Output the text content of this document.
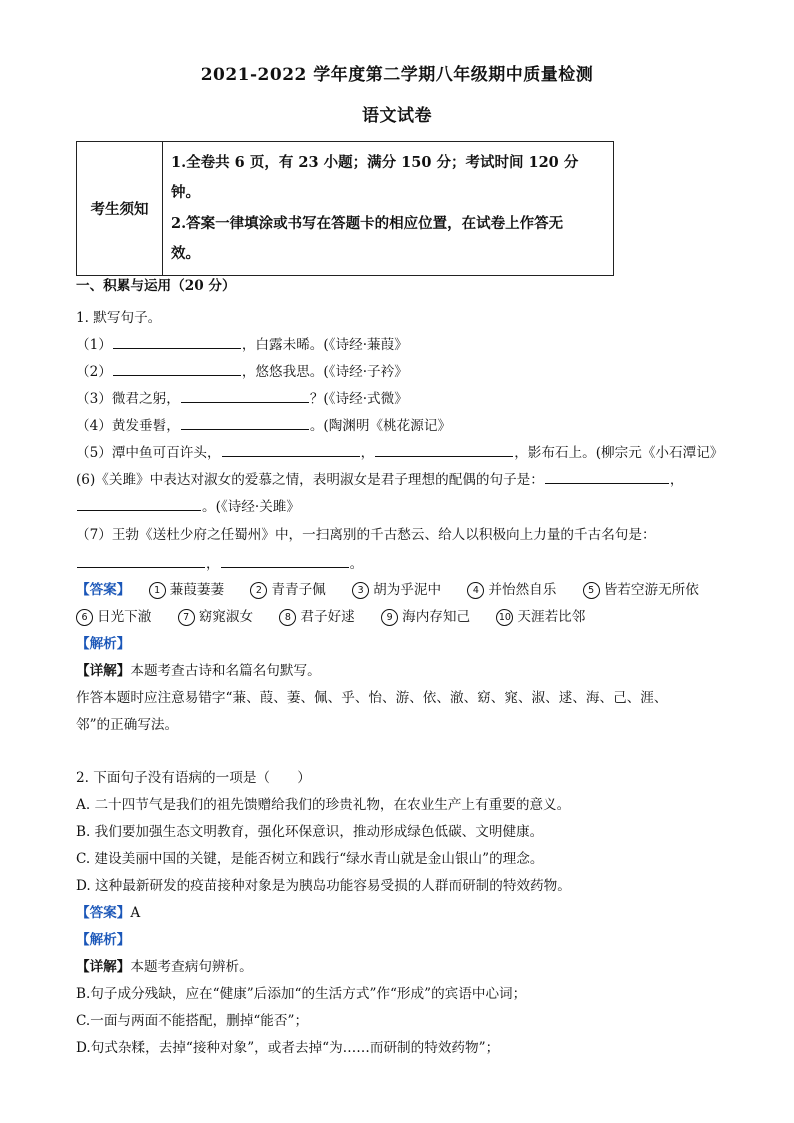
2021-2022 学年度第二学期八年级期中质量检测
语文试卷
考生须知	
1.全卷共 6 页，有 23 小题；满分 150 分；考试时间 120 分
钟。
2.答案一律填涂或书写在答题卡的相应位置，在试卷上作答无
效。
一、积累与运用（20 分）
1. 默写句子。
（1）	，白露未晞。(《诗经·蒹葭》
（2）	，悠悠我思。(《诗经·子衿》
（3）微君之躬，	？(《诗经·式微》
（4）黄发垂髫，	。(陶渊明《桃花源记》
（5）潭中鱼可百许头，	，	，影布石上。(柳宗元《小石潭记》
(6)《关雎》中表达对淑女的爱慕之情，表明淑女是君子理想的配偶的句子是：	，
。(《诗经·关雎》
（7）王勃《送杜少府之任蜀州》中，一扫离别的千古愁云、给人以积极向上力量的千古名句是：
，	。
【答案】	1 蒹葭萋萋	2 青青子佩	3 胡为乎泥中	4 并怡然自乐	5 皆若空游无所依
6 日光下澈	7 窈窕淑女	8 君子好逑	9 海内存知己	10 天涯若比邻
【解析】
【详解】本题考查古诗和名篇名句默写。
作答本题时应注意易错字“蒹、葭、萋、佩、乎、怡、游、依、澈、窈、窕、淑、逑、海、己、涯、
邻”的正确写法。
2. 下面句子没有语病的一项是（　　）
A. 二十四节气是我们的祖先馈赠给我们的珍贵礼物，在农业生产上有重要的意义。
B. 我们要加强生态文明教育，强化环保意识，推动形成绿色低碳、文明健康。
C. 建设美丽中国的关键，是能否树立和践行“绿水青山就是金山银山”的理念。
D. 这种最新研发的疫苗接种对象是为胰岛功能容易受损的人群而研制的特效药物。
【答案】A
【解析】
【详解】本题考查病句辨析。
B.句子成分残缺，应在“健康”后添加“的生活方式”作“形成”的宾语中心词；
C.一面与两面不能搭配，删掉“能否”；
D.句式杂糅，去掉“接种对象”，或者去掉“为……而研制的特效药物”；
